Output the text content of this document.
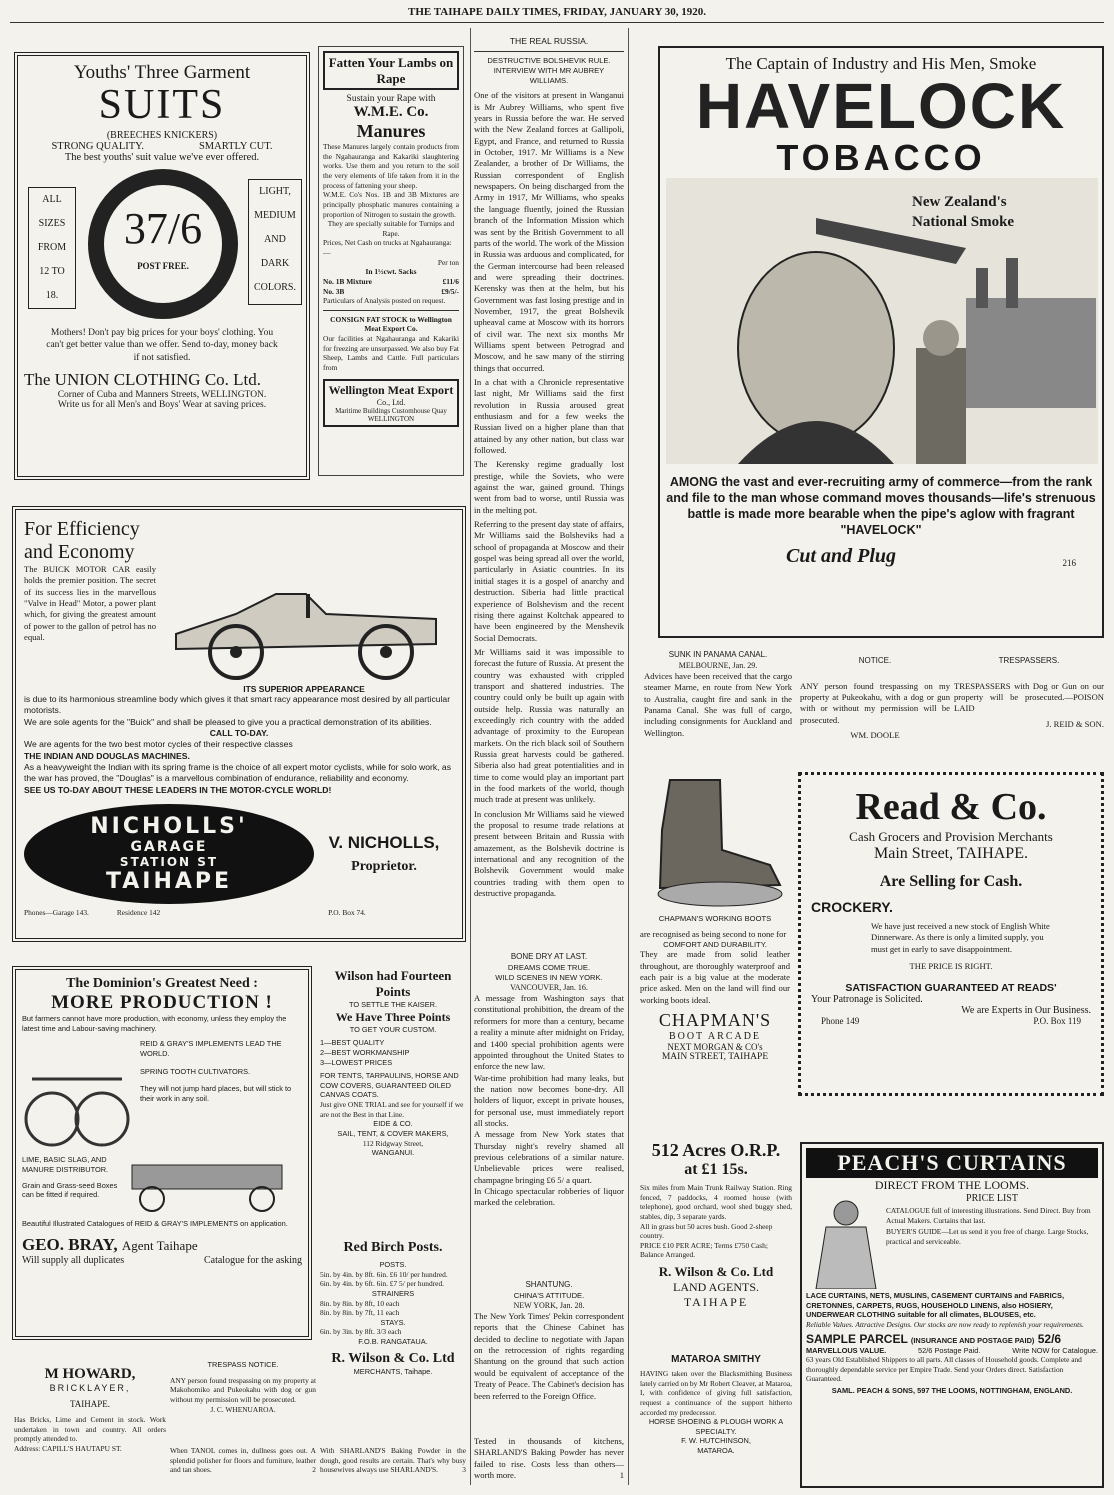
THE TAIHAPE DAILY TIMES, FRIDAY, JANUARY 30, 1920.
Youths' Three Garment
SUITS
(BREECHES KNICKERS)
STRONG QUALITY.	SMARTLY CUT.
The best youths' suit value we've ever offered.
ALL
SIZES
FROM
12 TO
18.
37/6
POST FREE.
LIGHT,
MEDIUM
AND
DARK
COLORS.
Mothers! Don't pay big prices for your boys' clothing. You can't get better value than we offer. Send to-day, money back if not satisfied.
The UNION CLOTHING Co. Ltd.
Corner of Cuba and Manners Streets, WELLINGTON.
Write us for all Men's and Boys' Wear at saving prices.
Fatten Your Lambs on Rape
Sustain your Rape with
W.M.E. Co.
Manures
These Manures largely contain products from the Ngahauranga and Kakariki slaughtering works. Use them and you return to the soil the very elements of life taken from it in the process of fattening your sheep.
W.M.E. Co's Nos. 1B and 3B Mixtures are principally phosphatic manures containing a proportion of Nitrogen to sustain the growth.
They are specially suitable for Turnips and Rape.
Prices, Net Cash on trucks at Ngahauranga:—
Per ton
In 1½cwt. Sacks
No. 1B Mixture	£11/6
No. 3B	£9/5/-
Particulars of Analysis posted on request.
CONSIGN FAT STOCK to Wellington Meat Export Co.
Our facilities at Ngahauranga and Kakariki for freezing are unsurpassed. We also buy Fat Sheep, Lambs and Cattle. Full particulars from
Wellington Meat Export
Co., Ltd.
Maritime Buildings Customhouse Quay
WELLINGTON
THE REAL RUSSIA.
DESTRUCTIVE BOLSHEVIK RULE.
INTERVIEW WITH MR AUBREY WILLIAMS.

One of the visitors at present in Wanganui is Mr Aubrey Williams, who spent five years in Russia before the war. He served with the New Zealand forces at Gallipoli, Egypt, and France, and returned to Russia in October, 1917. Mr Williams is a New Zealander, a brother of Dr Williams, the Russian correspondent of English newspapers. On being discharged from the Army in 1917, Mr Williams, who speaks the language fluently, joined the Russian branch of the Information Mission which was sent by the British Government to all parts of the world. The work of the Mission in Russia was arduous and complicated, for the German intercourse had been released and were spreading their doctrines. Kerensky was then at the helm, but his Government was fast losing prestige and in November, 1917, the great Bolshevik upheaval came at Moscow with its horrors of civil war. The next six months Mr Williams spent between Petrograd and Moscow, and he saw many of the stirring things that occurred.

In a chat with a Chronicle representative last night, Mr Williams said the first revolution in Russia aroused great enthusiasm and for a few weeks the Russian lived on a higher plane than that attained by any other nation, but class war followed.

The Kerensky regime gradually lost prestige, while the Soviets, who were against the war, gained ground. Things went from bad to worse, until Russia was in the melting pot.

Referring to the present day state of affairs, Mr Williams said the Bolsheviks had a school of propaganda at Moscow and their gospel was being spread all over the world, particularly in Asiatic countries. In its initial stages it is a gospel of anarchy and destruction. Siberia had little practical experience of Bolshevism and the recent rising there against Koltchak appeared to have been engineered by the Menshevik Social Democrats.

Mr Williams said it was impossible to forecast the future of Russia. At present the country was exhausted with crippled transport and shattered industries. The country could only be built up again with outside help. Russia was naturally an exceedingly rich country with the added advantage of proximity to the European markets. On the rich black soil of Southern Russia great harvests could be gathered. Siberia also had great potentialities and in time to come would play an important part in the food markets of the world, though much trade at present was unlikely.

In conclusion Mr Williams said he viewed the proposal to resume trade relations at present between Britain and Russia with amazement, as the Bolshevik doctrine is international and any recognition of the Bolshevik Government would make countries trading with them open to destructive propaganda.

The Captain of Industry and His Men, Smoke
HAVELOCK
TOBACCO
New Zealand's
National Smoke
AMONG the vast and ever-recruiting army of commerce—from the rank and file to the man whose command moves thousands—life's strenuous battle is made more bearable when the pipe's aglow with fragrant "HAVELOCK"
Cut and Plug	216
For Efficiency
and Economy
The BUICK MOTOR CAR easily holds the premier position. The secret of its success lies in the marvellous "Valve in Head" Motor, a power plant which, for giving the greatest amount of power to the gallon of petrol has no equal.
ITS SUPERIOR APPEARANCE
is due to its harmonious streamline body which gives it that smart racy appearance most desired by all particular motorists.
We are sole agents for the "Buick" and shall be pleased to give you a practical demonstration of its abilities.
CALL TO-DAY.
We are agents for the two best motor cycles of their respective classes
THE INDIAN AND DOUGLAS MACHINES.
As a heavyweight the Indian with its spring frame is the choice of all expert motor cyclists, while for solo work, as the war has proved, the "Douglas" is a marvellous combination of endurance, reliability and economy.
SEE US TO-DAY ABOUT THESE LEADERS IN THE MOTOR-CYCLE WORLD!
NICHOLLS'
GARAGE
STATION ST
TAIHAPE
V. NICHOLLS,
Proprietor.
Phones—Garage 143.	Residence 142	P.O. Box 74.
SUNK IN PANAMA CANAL.
MELBOURNE, Jan. 29.
Advices have been received that the cargo steamer Marne, en route from New York to Australia, caught fire and sank in the Panama Canal. She was full of cargo, including consignments for Auckland and Wellington.
NOTICE.
ANY person found trespassing on my property at Pukeokahu, with a dog or gun with or without my permission will be prosecuted.
WM. DOOLE
TRESPASSERS.
TRESPASSERS with Dog or Gun on our property will be prosecuted.—POISON LAID
J. REID & SON.
CHAPMAN'S WORKING BOOTS
are recognised as being second to none for
COMFORT AND DURABILITY.
They are made from solid leather throughout, are thoroughly waterproof and each pair is a big value at the moderate price asked. Men on the land will find our working boots ideal.
CHAPMAN'S
BOOT ARCADE
NEXT MORGAN & CO's
MAIN STREET, TAIHAPE
Read & Co.
Cash Grocers and Provision Merchants
Main Street, TAIHAPE.
Are Selling for Cash.
CROCKERY.
We have just received a new stock of English White Dinnerware. As there is only a limited supply, you must get in early to save disappointment.
THE PRICE IS RIGHT.
SATISFACTION GUARANTEED AT READS'
Your Patronage is Solicited.
We are Experts in Our Business.
Phone 149	P.O. Box 119
The Dominion's Greatest Need :
MORE PRODUCTION !
But farmers cannot have more production, with economy, unless they employ the latest time and Labour-saving machinery.
REID & GRAY'S IMPLEMENTS LEAD THE WORLD.
SPRING TOOTH CULTIVATORS.
They will not jump hard places, but will stick to their work in any soil.
LIME, BASIC SLAG, AND MANURE DISTRIBUTOR.
Grain and Grass-seed Boxes can be fitted if required.
Beautiful Illustrated Catalogues of REID & GRAY'S IMPLEMENTS on application.
GEO. BRAY, Agent Taihape
Will supply all duplicates	Catalogue for the asking
Wilson had Fourteen Points
TO SETTLE THE KAISER.
We Have Three Points
TO GET YOUR CUSTOM.
1—BEST QUALITY
2—BEST WORKMANSHIP
3—LOWEST PRICES
FOR TENTS, TARPAULINS, HORSE AND COW COVERS, GUARANTEED OILED CANVAS COATS.
Just give ONE TRIAL and see for yourself if we are not the Best in that Line.
EIDE & CO.
SAIL, TENT, & COVER MAKERS,
112 Ridgway Street,
WANGANUI.
Red Birch Posts.
POSTS.
5in. by 4in. by 8ft. 6in. £6 10/ per hundred.
6in. by 4in. by 6ft. 6in. £7 5/ per hundred.
STRAINERS
8in. by 8in. by 8ft, 10 each
8in. by 8in. by 7ft, 11 each
STAYS.
6in. by 3in. by 8ft. 3/3 each
F.O.B. RANGATAUA.
R. Wilson & Co. Ltd
MERCHANTS, Taihape.
BONE DRY AT LAST.
DREAMS COME TRUE.
WILD SCENES IN NEW YORK.
VANCOUVER, Jan. 16.
A message from Washington says that constitutional prohibition, the dream of the reformers for more than a century, became a reality a minute after midnight on Friday, and 1400 special prohibition agents were appointed throughout the United States to enforce the new law.
War-time prohibition had many leaks, but the nation now becomes bone-dry. All holders of liquor, except in private houses, for personal use, must immediately report all stocks.
A message from New York states that Thursday night's revelry shamed all previous celebrations of a similar nature. Unbelievable prices were realised, champagne bringing £6 5/ a quart.
In Chicago spectacular robberies of liquor marked the celebration.
SHANTUNG.
CHINA'S ATTITUDE.
NEW YORK, Jan. 28.
The New York Times' Pekin correspondent reports that the Chinese Cabinet has decided to decline to negotiate with Japan on the retrocession of rights regarding Shantung on the ground that such action would be equivalent of acceptance of the Treaty of Peace. The Cabinet's decision has been referred to the Foreign Office.
Tested in thousands of kitchens, SHARLAND'S Baking Powder has never failed to rise. Costs less than others—worth more.	1
512 Acres O.R.P.
at £1 15s.
Six miles from Main Trunk Railway Station. Ring fenced, 7 paddocks, 4 roomed house (with telephone), good orchard, wool shed buggy shed, stables, dip, 3 separate yards.
All in grass but 50 acres bush. Good 2-sheep country.
PRICE £10 PER ACRE; Terms £750 Cash; Balance Arranged.
R. Wilson & Co. Ltd
LAND AGENTS.
TAIHAPE
MATAROA SMITHY
HAVING taken over the Blacksmithing Business lately carried on by Mr Robert Cleaver, at Mataroa, I, with confidence of giving full satisfaction, request a continuance of the support hitherto accorded my predecessor.
HORSE SHOEING & PLOUGH WORK A SPECIALTY.
F. W. HUTCHINSON,
MATAROA.
PEACH'S CURTAINS
DIRECT FROM THE LOOMS.
PRICE LIST
CATALOGUE full of interesting illustrations. Send Direct. Buy from Actual Makers. Curtains that last.
BUYER'S GUIDE—Let us send it you free of charge. Large Stocks, practical and serviceable.
LACE CURTAINS, NETS, MUSLINS, CASEMENT CURTAINS and FABRICS, CRETONNES, CARPETS, RUGS, HOUSEHOLD LINENS, also HOSIERY, UNDERWEAR CLOTHING suitable for all climates, BLOUSES, etc.
Reliable Values. Attractive Designs. Our stocks are now ready to replenish your requirements.
SAMPLE PARCEL (INSURANCE AND POSTAGE PAID) 52/6
MARVELLOUS VALUE.	52/6 Postage Paid.	Write NOW for Catalogue.
63 years Old Established Shippers to all parts. All classes of Household goods. Complete and thoroughly dependable service per Empire Trade. Send your Orders direct. Satisfaction Guaranteed.
SAML. PEACH & SONS, 597 THE LOOMS, NOTTINGHAM, ENGLAND.
M HOWARD,
BRICKLAYER,
TAIHAPE.
Has Bricks, Lime and Cement in stock. Work undertaken in town and country. All orders promptly attended to.
Address: CAPILL'S HAUTAPU ST.
TRESPASS NOTICE.
ANY person found trespassing on my property at Makohomiko and Pukeokahu with dog or gun without my permission will be prosecuted.
J. C. WHENUAROA.
When TANOL comes in, dullness goes out. A splendid polisher for floors and furniture, leather and tan shoes.	2
With SHARLAND'S Baking Powder in the dough, good results are certain. That's why busy housewives always use SHARLAND'S.	3
